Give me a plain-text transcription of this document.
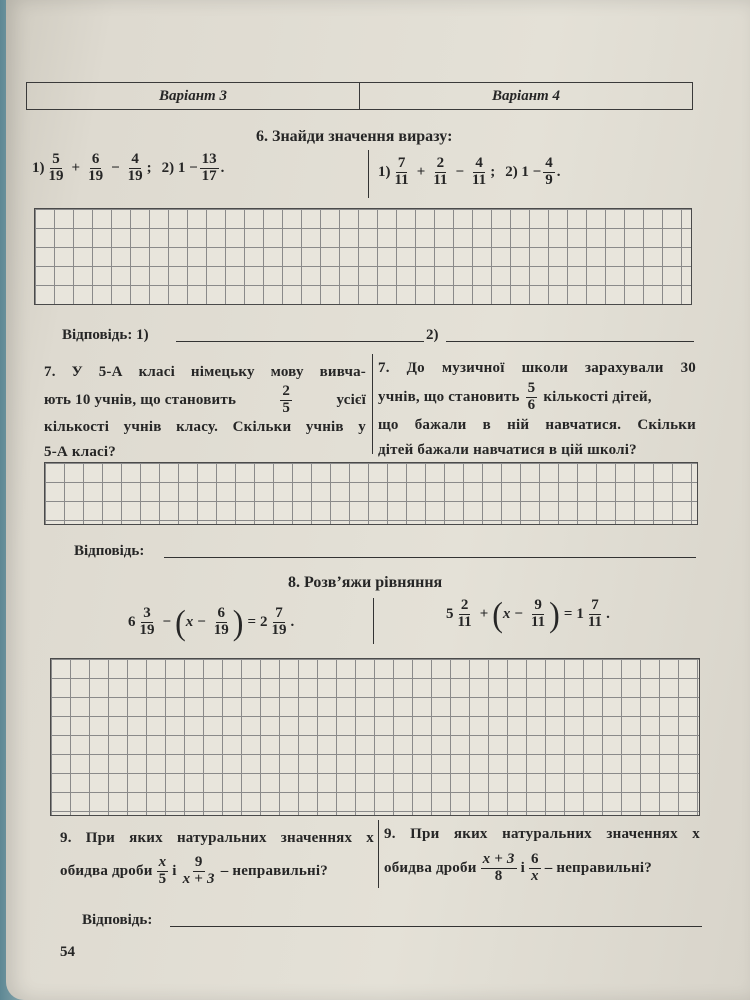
Варіант 3	Варіант 4
6. Знайди значення виразу:
$1) \frac{5}{19} + \frac{6}{19} - \frac{4}{19}$ ; 2) $1 - \frac{13}{17}$ .	$1) \frac{7}{11} + \frac{2}{11} - \frac{4}{11}$ ; 2) $1 - \frac{4}{9}$ .
Відповідь: 1)	2)
7. У 5-А класі німецьку мову вивча-
ють 10 учнів, що становить	$\frac{2}{5}$	усієї
кількості учнів класу. Скільки учнів у
5-А класі?
7. До музичної школи зарахували 30
учнів, що становить $\frac{5}{6}$ кількості дітей,
що бажали в ній навчатися. Скільки
дітей бажали навчатися в цій школі?
Відповідь:
8. Розв’яжи рівняння
$6 \frac{3}{19}$ − ( $x - \frac{6}{19}$ ) = $2 \frac{7}{19}$ .	$5 \frac{2}{11}$ + ( $x - \frac{9}{11}$ ) = $1 \frac{7}{11}$ .
9. При яких натуральних значеннях x
обидва дроби $\frac{x}{5}$ і $\frac{9}{x + 3}$ – неправильні?
9. При яких натуральних значеннях x
обидва дроби $\frac{x + 3}{8}$ і $\frac{6}{x}$ – неправильні?
Відповідь:
54
